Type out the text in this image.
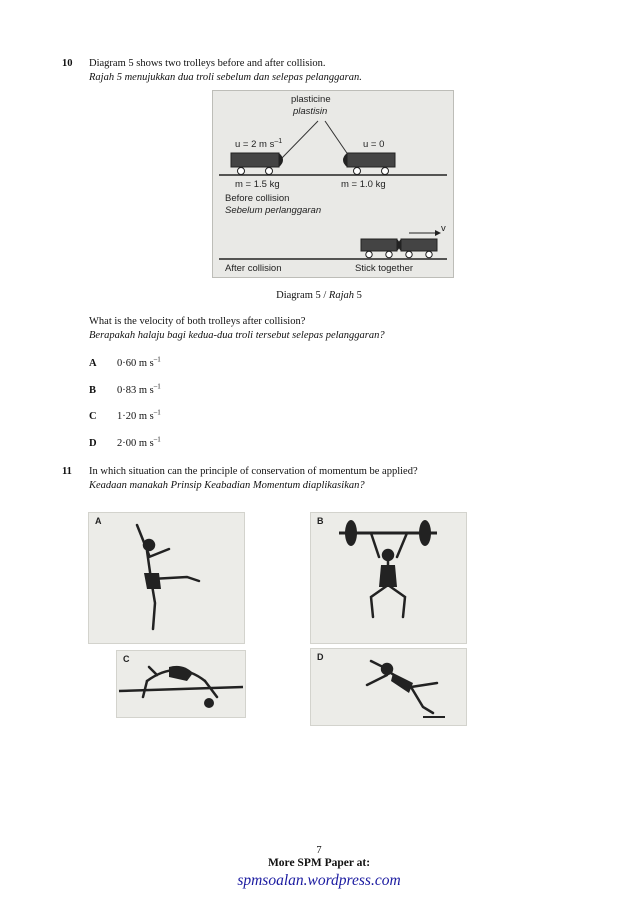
10 Diagram 5 shows two trolleys before and after collision.
Rajah 5 menujukkan dua troli sebelum dan selepas pelanggaran.
plasticine
plastisin
u = 2 m $s^{-1}$	u = 0
m = 1.5 kg	m = 1.0 kg
Before collision
Sebelum perlanggaran
v
After collision	Stick together
Diagram 5 / Rajah 5
What is the velocity of both trolleys after collision?
Berapakah halaju bagi kedua-dua troli tersebut selepas pelanggaran?
A 0·60 m $s^{-1}$
B 0·83 m $s^{-1}$
C 1·20 m $s^{-1}$
D 2·00 m $s^{-1}$
11 In which situation can the principle of conservation of momentum be applied?
Keadaan manakah Prinsip Keabadian Momentum diaplikasikan?
A	B
C	D
7
More SPM Paper at:
spmsoalan.wordpress.com
